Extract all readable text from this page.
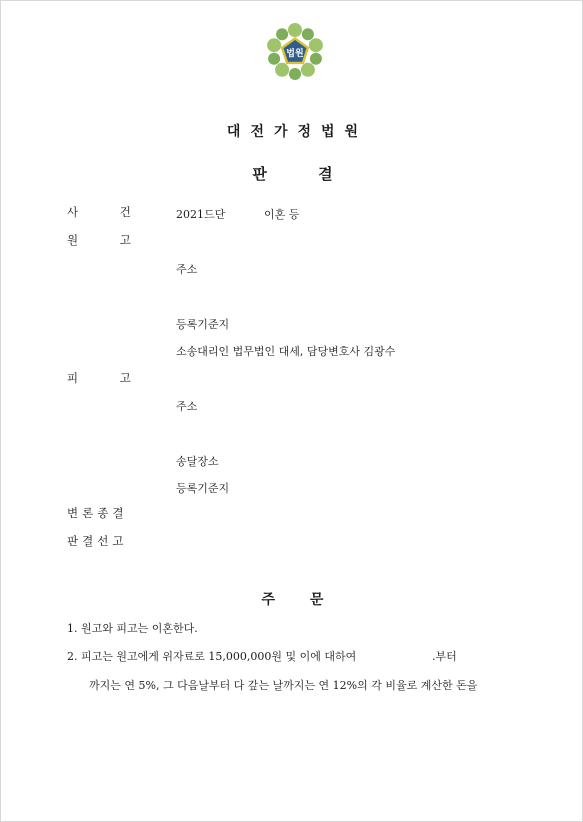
법원
대전가정법원
판 결
사 건	2021드단	이혼 등
원 고
주소
등록기준지
소송대리인 법무법인 대세, 담당변호사 김광수
피 고
주소
송달장소
등록기준지
변론종결
판결선고
주 문
1. 원고와 피고는 이혼한다.
2. 피고는 원고에게 위자료로 15,000,000원 및 이에 대하여	.부터
까지는 연 5%, 그 다음날부터 다 갚는 날까지는 연 12%의 각 비율로 계산한 돈을
